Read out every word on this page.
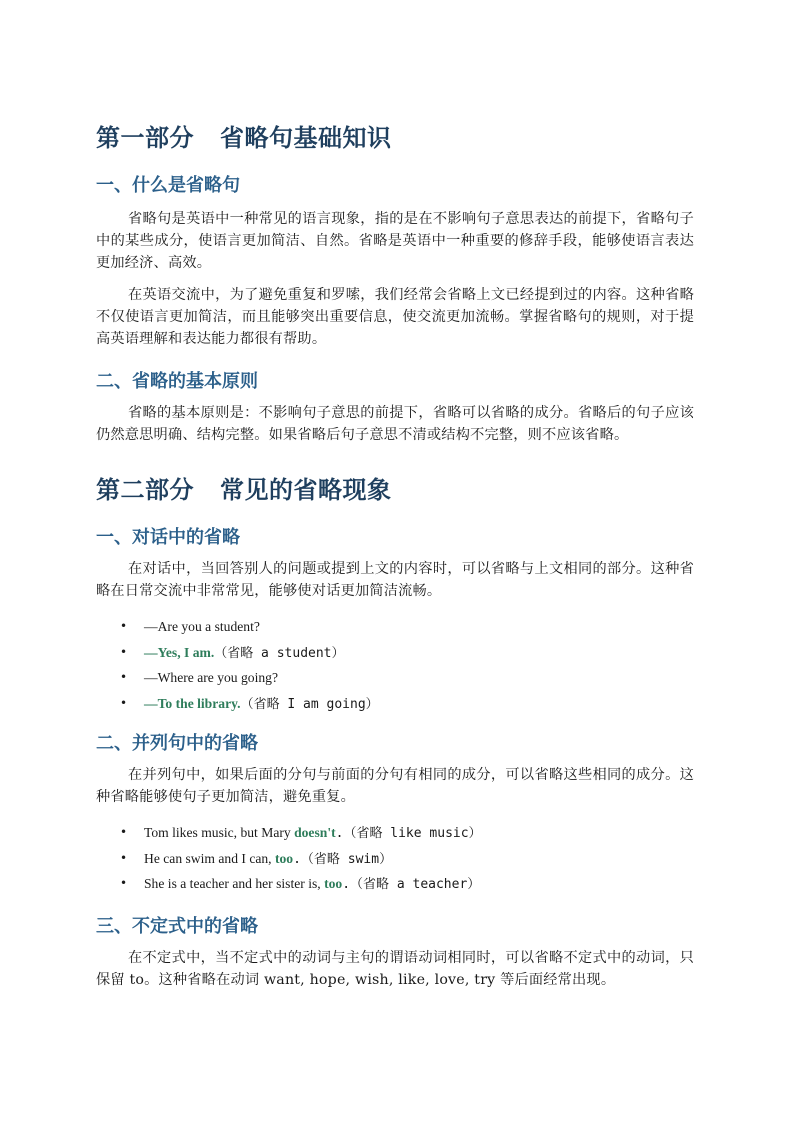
第一部分 省略句基础知识
一、什么是省略句

省略句是英语中一种常见的语言现象，指的是在不影响句子意思表达的前提下，省略句子中的某些成分，使语言更加简洁、自然。省略是英语中一种重要的修辞手段，能够使语言表达更加经济、高效。

在英语交流中，为了避免重复和罗嗦，我们经常会省略上文已经提到过的内容。这种省略不仅使语言更加简洁，而且能够突出重要信息，使交流更加流畅。掌握省略句的规则，对于提高英语理解和表达能力都很有帮助。

二、省略的基本原则

省略的基本原则是：不影响句子意思的前提下，省略可以省略的成分。省略后的句子应该仍然意思明确、结构完整。如果省略后句子意思不清或结构不完整，则不应该省略。

第二部分 常见的省略现象
一、对话中的省略

在对话中，当回答别人的问题或提到上文的内容时，可以省略与上文相同的部分。这种省略在日常交流中非常常见，能够使对话更加简洁流畅。

• —Are you a student?
• —Yes, I am.（省略 a student）
• —Where are you going?
• —To the library.（省略 I am going）
二、并列句中的省略

在并列句中，如果后面的分句与前面的分句有相同的成分，可以省略这些相同的成分。这种省略能够使句子更加简洁，避免重复。

• Tom likes music, but Mary doesn't.（省略 like music）
• He can swim and I can, too.（省略 swim）
• She is a teacher and her sister is, too.（省略 a teacher）
三、不定式中的省略

在不定式中，当不定式中的动词与主句的谓语动词相同时，可以省略不定式中的动词，只保留 to。这种省略在动词 want, hope, wish, like, love, try 等后面经常出现。
